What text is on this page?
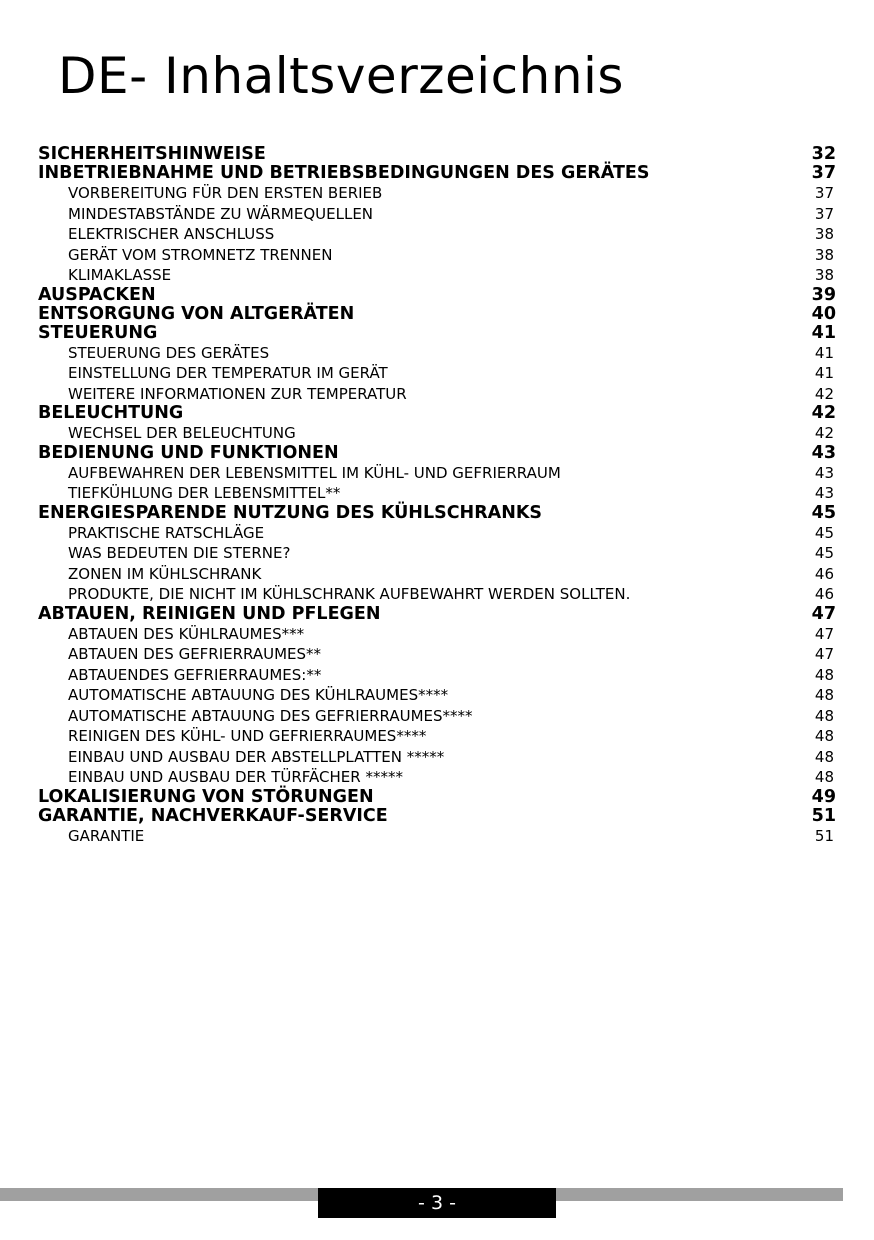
DE- Inhaltsverzeichnis
SICHERHEITSHINWEISE	32
INBETRIEBNAHME UND BETRIEBSBEDINGUNGEN DES GERÄTES	37
VORBEREITUNG FÜR DEN ERSTEN BERIEB	37
MINDESTABSTÄNDE ZU WÄRMEQUELLEN	37
ELEKTRISCHER ANSCHLUSS	38
GERÄT VOM STROMNETZ TRENNEN	38
KLIMAKLASSE	38
AUSPACKEN	39
ENTSORGUNG VON ALTGERÄTEN	40
STEUERUNG	41
STEUERUNG DES GERÄTES	41
EINSTELLUNG DER TEMPERATUR IM GERÄT	41
WEITERE INFORMATIONEN ZUR TEMPERATUR	42
BELEUCHTUNG	42
WECHSEL DER BELEUCHTUNG	42
BEDIENUNG UND FUNKTIONEN	43
AUFBEWAHREN DER LEBENSMITTEL IM KÜHL- UND GEFRIERRAUM	43
TIEFKÜHLUNG DER LEBENSMITTEL**	43
ENERGIESPARENDE NUTZUNG DES KÜHLSCHRANKS	45
PRAKTISCHE RATSCHLÄGE	45
WAS BEDEUTEN DIE STERNE?	45
ZONEN IM KÜHLSCHRANK	46
PRODUKTE, DIE NICHT IM KÜHLSCHRANK AUFBEWAHRT WERDEN SOLLTEN.	46
ABTAUEN, REINIGEN UND PFLEGEN	47
ABTAUEN DES KÜHLRAUMES***	47
ABTAUEN DES GEFRIERRAUMES**	47
ABTAUENDES GEFRIERRAUMES:**	48
AUTOMATISCHE ABTAUUNG DES KÜHLRAUMES****	48
AUTOMATISCHE ABTAUUNG DES GEFRIERRAUMES****	48
REINIGEN DES KÜHL- UND GEFRIERRAUMES****	48
EINBAU UND AUSBAU DER ABSTELLPLATTEN *****	48
EINBAU UND AUSBAU DER TÜRFÄCHER *****	48
LOKALISIERUNG VON STÖRUNGEN	49
GARANTIE, NACHVERKAUF-SERVICE	51
GARANTIE	51
- 3 -
